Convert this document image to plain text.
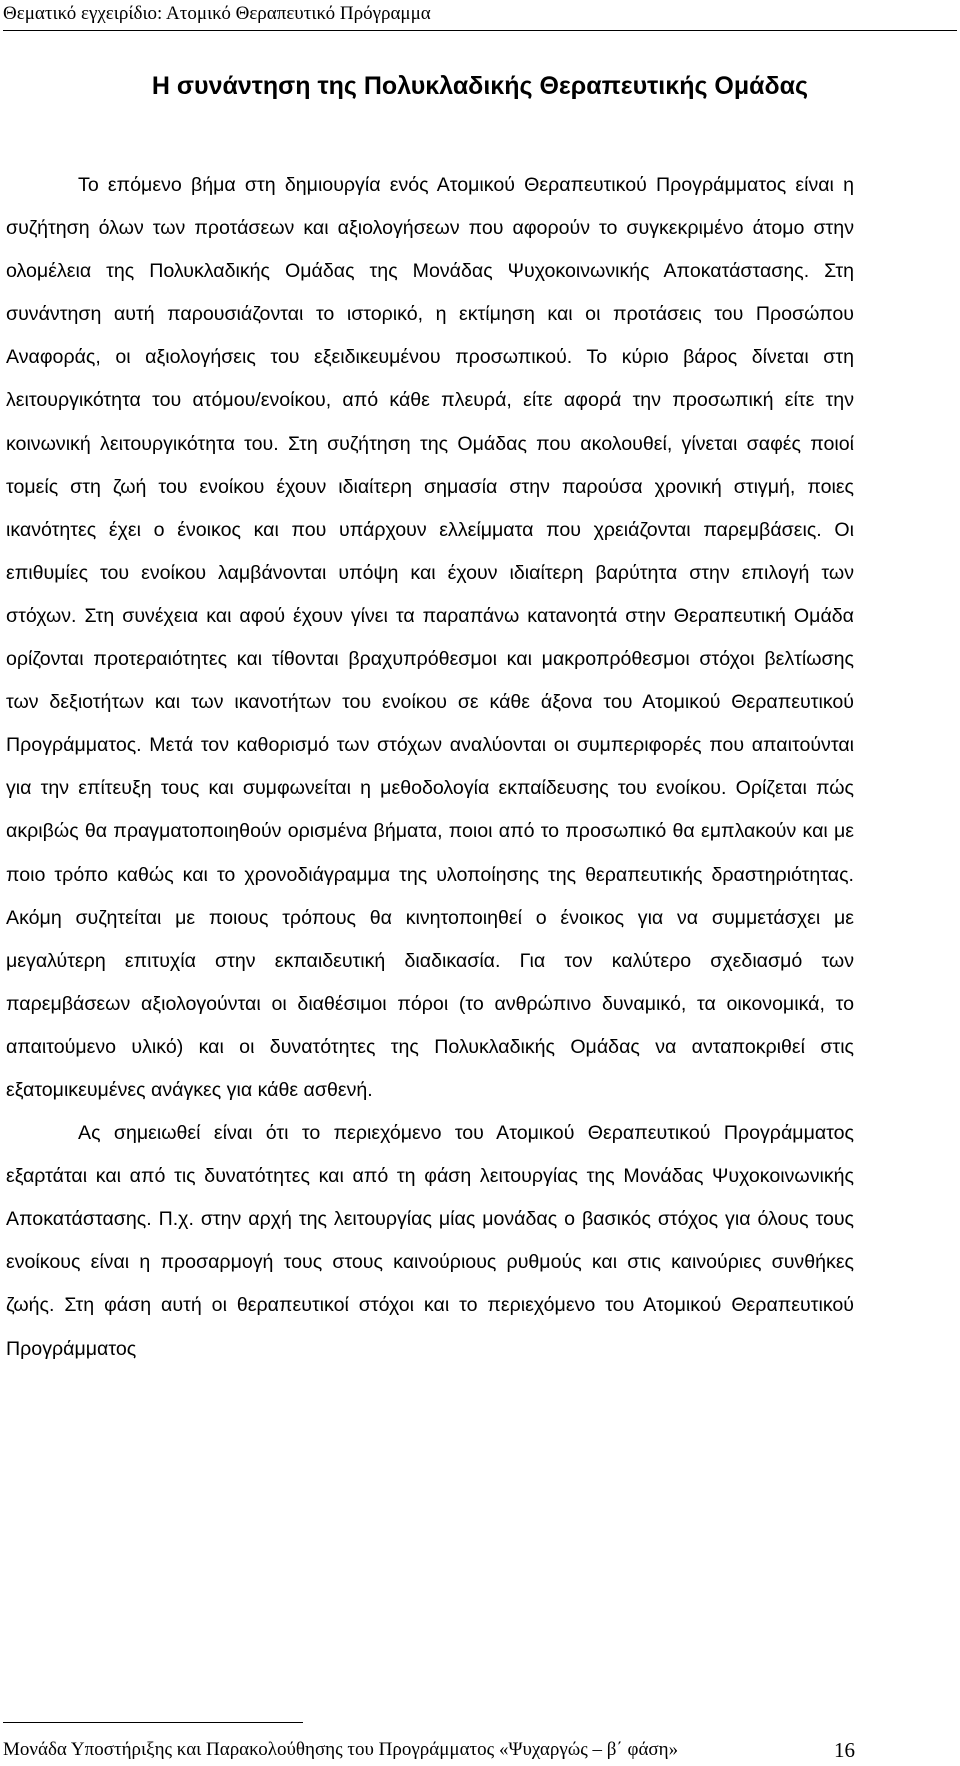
Θεματικό εγχειρίδιο: Ατομικό Θεραπευτικό Πρόγραμμα
Η συνάντηση της Πολυκλαδικής Θεραπευτικής Ομάδας

Το επόμενο βήμα στη δημιουργία ενός Ατομικού Θεραπευτικού Προγράμματος είναι η συζήτηση όλων των προτάσεων και αξιολογήσεων που αφορούν το συγκεκριμένο άτομο στην ολομέλεια της Πολυκλαδικής Ομάδας της Μονάδας Ψυχοκοινωνικής Αποκατάστασης. Στη συνάντηση αυτή παρουσιάζονται το ιστορικό, η εκτίμηση και οι προτάσεις του Προσώπου Αναφοράς, οι αξιολογήσεις του εξειδικευμένου προσωπικού. Το κύριο βάρος δίνεται στη λειτουργικότητα του ατόμου/ενοίκου, από κάθε πλευρά, είτε αφορά την προσωπική είτε την κοινωνική λειτουργικότητα του. Στη συζήτηση της Ομάδας που ακολουθεί, γίνεται σαφές ποιοί τομείς στη ζωή του ενοίκου έχουν ιδιαίτερη σημασία στην παρούσα χρονική στιγμή, ποιες ικανότητες έχει ο ένοικος και που υπάρχουν ελλείμματα που χρειάζονται παρεμβάσεις. Οι επιθυμίες του ενοίκου λαμβάνονται υπόψη και έχουν ιδιαίτερη βαρύτητα στην επιλογή των στόχων. Στη συνέχεια και αφού έχουν γίνει τα παραπάνω κατανοητά στην Θεραπευτική Ομάδα ορίζονται προτεραιότητες και τίθονται βραχυπρόθεσμοι και μακροπρόθεσμοι στόχοι βελτίωσης των δεξιοτήτων και των ικανοτήτων του ενοίκου σε κάθε άξονα του Ατομικού Θεραπευτικού Προγράμματος. Μετά τον καθορισμό των στόχων αναλύονται οι συμπεριφορές που απαιτούνται για την επίτευξη τους και συμφωνείται η μεθοδολογία εκπαίδευσης του ενοίκου. Ορίζεται πώς ακριβώς θα πραγματοποιηθούν ορισμένα βήματα, ποιοι από το προσωπικό θα εμπλακούν και με ποιο τρόπο καθώς και το χρονοδιάγραμμα της υλοποίησης της θεραπευτικής δραστηριότητας. Ακόμη συζητείται με ποιους τρόπους θα κινητοποιηθεί ο ένοικος για να συμμετάσχει με μεγαλύτερη επιτυχία στην εκπαιδευτική διαδικασία. Για τον καλύτερο σχεδιασμό των παρεμβάσεων αξιολογούνται οι διαθέσιμοι πόροι (το ανθρώπινο δυναμικό, τα οικονομικά, το απαιτούμενο υλικό) και οι δυνατότητες της Πολυκλαδικής Ομάδας να ανταποκριθεί στις εξατομικευμένες ανάγκες για κάθε ασθενή.

Ας σημειωθεί είναι ότι το περιεχόμενο του Ατομικού Θεραπευτικού Προγράμματος εξαρτάται και από τις δυνατότητες και από τη φάση λειτουργίας της Μονάδας Ψυχοκοινωνικής Αποκατάστασης. Π.χ. στην αρχή της λειτουργίας μίας μονάδας ο βασικός στόχος για όλους τους ενοίκους είναι η προσαρμογή τους στους καινούριους ρυθμούς και στις καινούριες συνθήκες ζωής. Στη φάση αυτή οι θεραπευτικοί στόχοι και το περιεχόμενο του Ατομικού Θεραπευτικού Προγράμματος

Μονάδα Υποστήριξης και Παρακολούθησης του Προγράμματος «Ψυχαργώς – β΄ φάση»	16
